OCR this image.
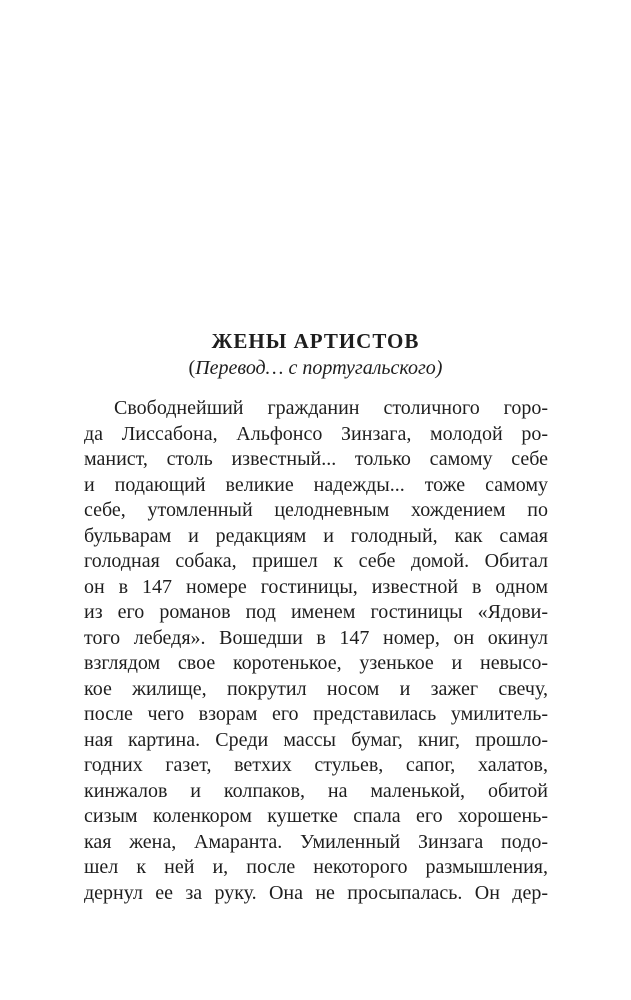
ЖЕНЫ АРТИСТОВ

(Перевод… с португальского)

Свободнейший гражданин столичного горо-
да Лиссабона, Альфонсо Зинзага, молодой ро-
манист, столь известный... только самому себе
и подающий великие надежды... тоже самому
себе, утомленный целодневным хождением по
бульварам и редакциям и голодный, как самая
голодная собака, пришел к себе домой. Обитал
он в 147 номере гостиницы, известной в одном
из его романов под именем гостиницы «Ядови-
того лебедя». Вошедши в 147 номер, он окинул
взглядом свое коротенькое, узенькое и невысо-
кое жилище, покрутил носом и зажег свечу,
после чего взорам его представилась умилитель-
ная картина. Среди массы бумаг, книг, прошло-
годних газет, ветхих стульев, сапог, халатов,
кинжалов и колпаков, на маленькой, обитой
сизым коленкором кушетке спала его хорошень-
кая жена, Амаранта. Умиленный Зинзага подо-
шел к ней и, после некоторого размышления,
дернул ее за руку. Она не просыпалась. Он дер-
